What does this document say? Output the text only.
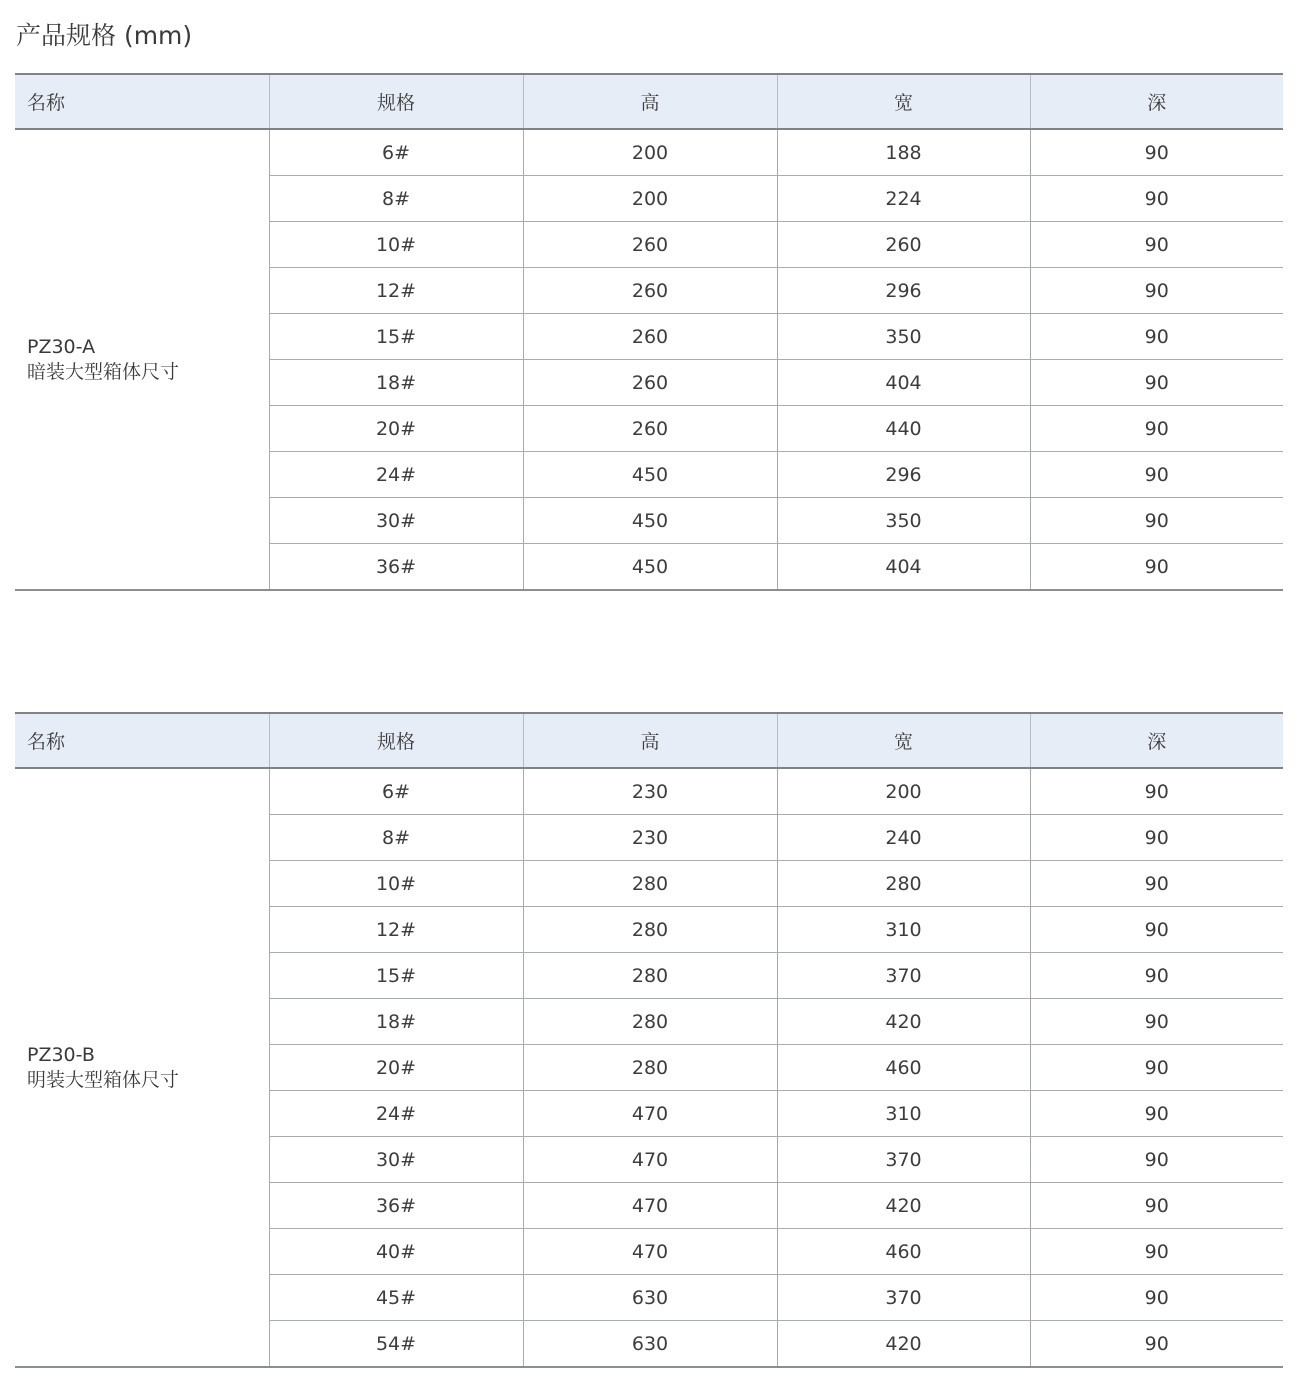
产品规格 (mm)
名称	规格	高	宽	深

PZ30-A
暗装大型箱体尺寸	6#	200	188	90
	8#	200	224	90
	10#	260	260	90
	12#	260	296	90
	15#	260	350	90
	18#	260	404	90
	20#	260	440	90
	24#	450	296	90
	30#	450	350	90
	36#	450	404	90
名称	规格	高	宽	深

PZ30-B
明装大型箱体尺寸	6#	230	200	90
	8#	230	240	90
	10#	280	280	90
	12#	280	310	90
	15#	280	370	90
	18#	280	420	90
	20#	280	460	90
	24#	470	310	90
	30#	470	370	90
	36#	470	420	90
	40#	470	460	90
	45#	630	370	90
	54#	630	420	90
